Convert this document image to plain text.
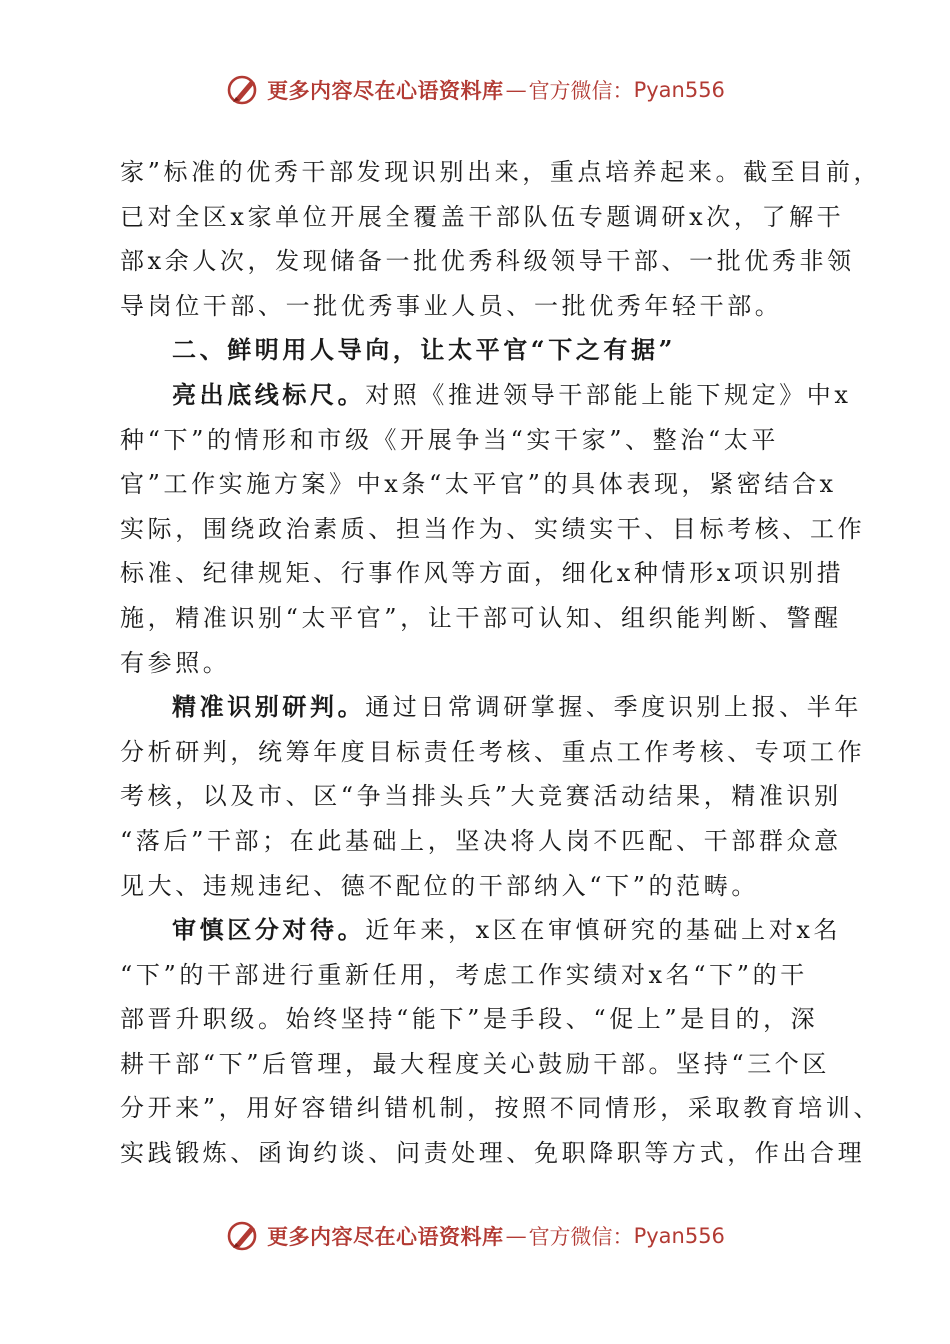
更多内容尽在心语资料库 — 官方微信： Pyan556
家”标准的优秀干部发现识别出来，重点培养起来。截至目前，
已对全区x家单位开展全覆盖干部队伍专题调研x次，了解干
部x余人次，发现储备一批优秀科级领导干部、一批优秀非领
导岗位干部、一批优秀事业人员、一批优秀年轻干部。
二、鲜明用人导向，让太平官“下之有据”
亮出底线标尺。对照《推进领导干部能上能下规定》中x
种“下”的情形和市级《开展争当“实干家”、整治“太平
官”工作实施方案》中x条“太平官”的具体表现，紧密结合x
实际，围绕政治素质、担当作为、实绩实干、目标考核、工作
标准、纪律规矩、行事作风等方面，细化x种情形x项识别措
施，精准识别“太平官”，让干部可认知、组织能判断、警醒
有参照。
精准识别研判。通过日常调研掌握、季度识别上报、半年
分析研判，统筹年度目标责任考核、重点工作考核、专项工作
考核，以及市、区“争当排头兵”大竞赛活动结果，精准识别
“落后”干部；在此基础上，坚决将人岗不匹配、干部群众意
见大、违规违纪、德不配位的干部纳入“下”的范畴。
审慎区分对待。近年来，x区在审慎研究的基础上对x名
“下”的干部进行重新任用，考虑工作实绩对x名“下”的干
部晋升职级。始终坚持“能下”是手段、“促上”是目的，深
耕干部“下”后管理，最大程度关心鼓励干部。坚持“三个区
分开来”，用好容错纠错机制，按照不同情形，采取教育培训、
实践锻炼、函询约谈、问责处理、免职降职等方式，作出合理
更多内容尽在心语资料库 — 官方微信： Pyan556
